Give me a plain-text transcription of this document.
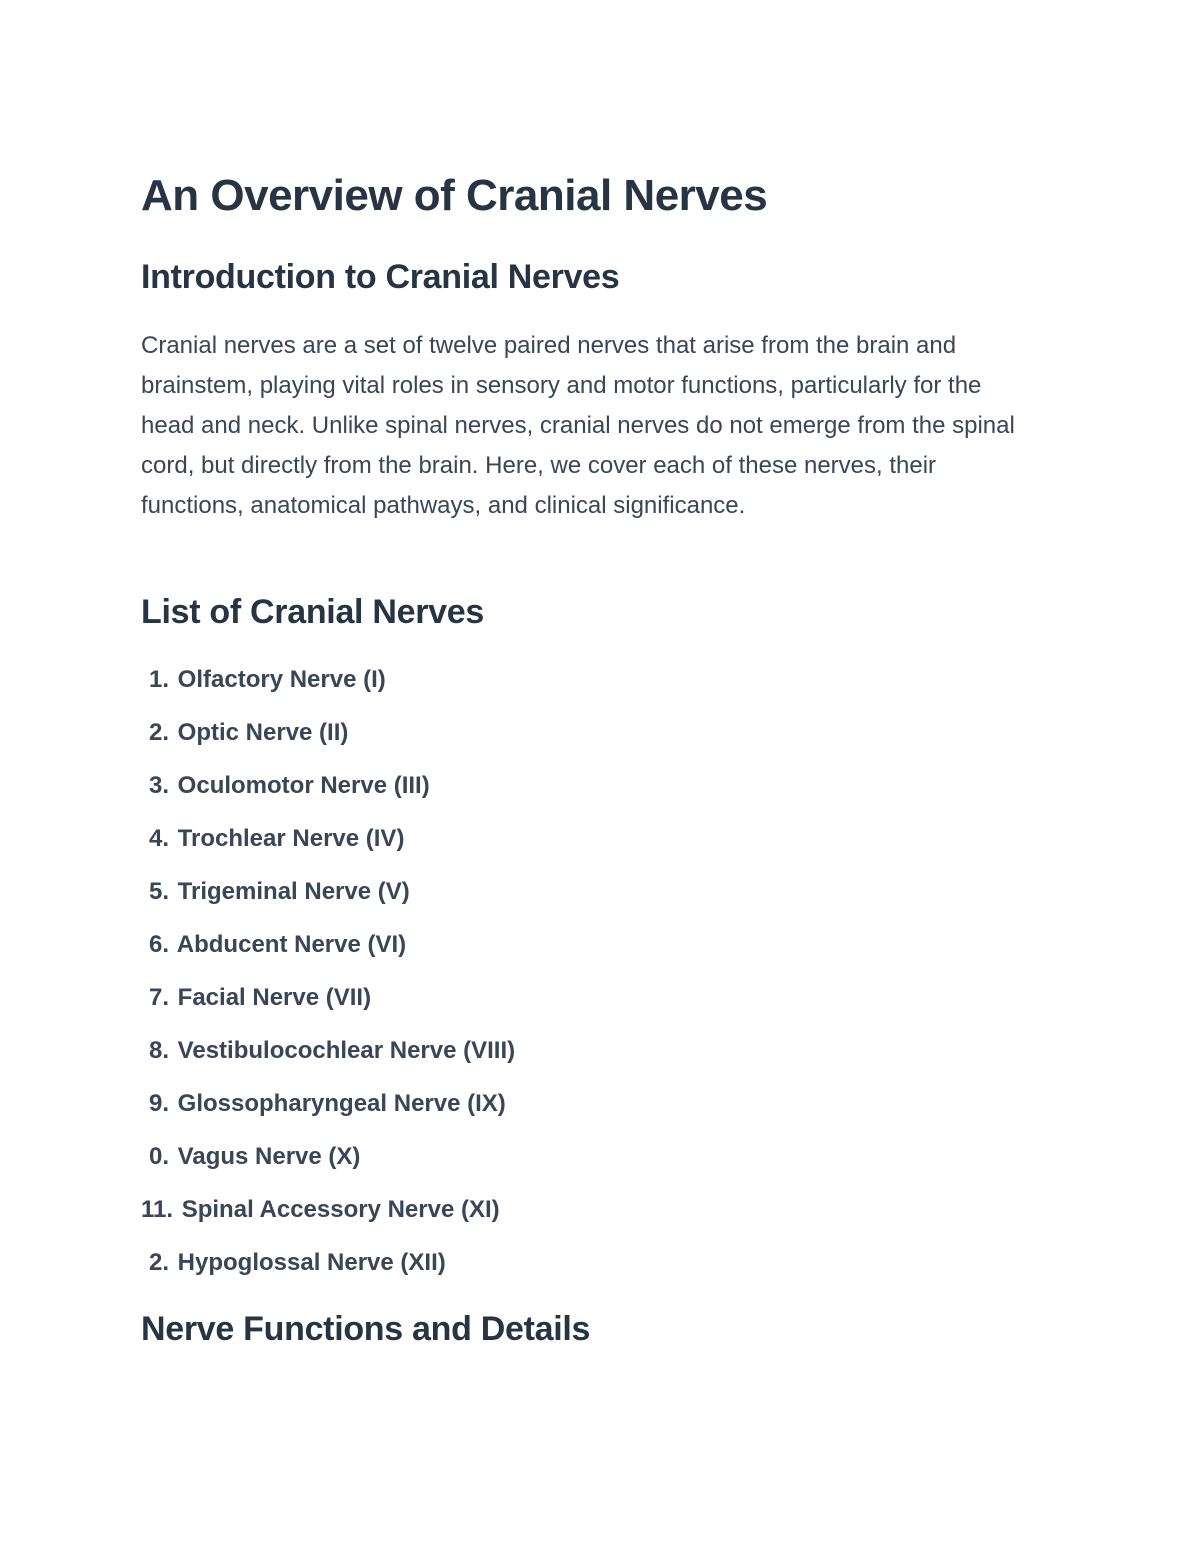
An Overview of Cranial Nerves
Introduction to Cranial Nerves

Cranial nerves are a set of twelve paired nerves that arise from the brain and brainstem, playing vital roles in sensory and motor functions, particularly for the head and neck. Unlike spinal nerves, cranial nerves do not emerge from the spinal cord, but directly from the brain. Here, we cover each of these nerves, their functions, anatomical pathways, and clinical significance.

List of Cranial Nerves
1. Olfactory Nerve (I)
2. Optic Nerve (II)
3. Oculomotor Nerve (III)
4. Trochlear Nerve (IV)
5. Trigeminal Nerve (V)
6. Abducent Nerve (VI)
7. Facial Nerve (VII)
8. Vestibulocochlear Nerve (VIII)
9. Glossopharyngeal Nerve (IX)
0. Vagus Nerve (X)
11. Spinal Accessory Nerve (XI)
2. Hypoglossal Nerve (XII)
Nerve Functions and Details
